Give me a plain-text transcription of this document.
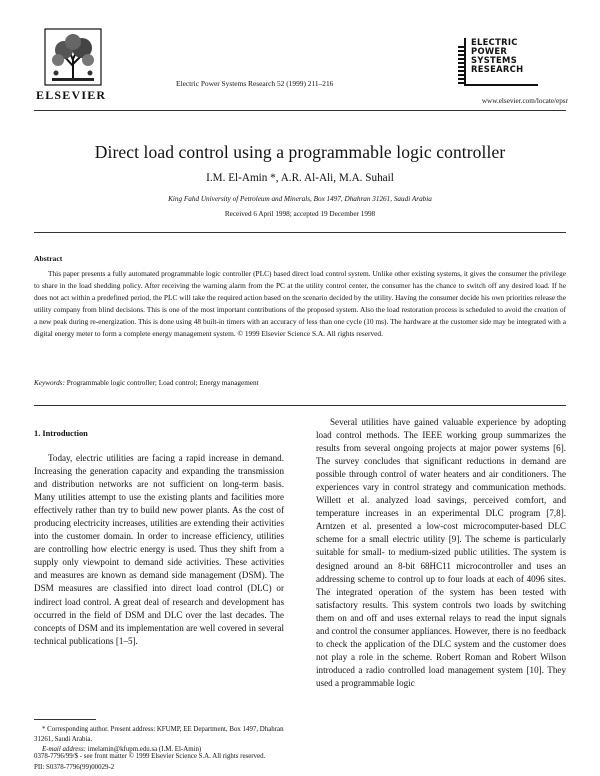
ELSEVIER
Electric Power Systems Research 52 (1999) 211–216
ELECTRIC
POWER
SYSTEMS
RESEARCH
www.elsevier.com/locate/epsr
Direct load control using a programmable logic controller
I.M. El-Amin *, A.R. Al-Ali, M.A. Suhail
King Fahd University of Petroleum and Minerals, Box 1497, Dhahran 31261, Saudi Arabia
Received 6 April 1998; accepted 19 December 1998
Abstract

This paper presents a fully automated programmable logic controller (PLC) based direct load control system. Unlike other existing systems, it gives the consumer the privilege to share in the load shedding policy. After receiving the warning alarm from the PC at the utility control center, the consumer has the chance to switch off any desired load. If he does not act within a predefined period, the PLC will take the required action based on the scenario decided by the utility. Having the consumer decide his own priorities release the utility company from blind decisions. This is one of the most important contributions of the proposed system. Also the load restoration process is scheduled to avoid the creation of a new peak during re-energization. This is done using 48 built-in timers with an accuracy of less than one cycle (10 ms). The hardware at the customer side may be integrated with a digital energy meter to form a complete energy management system. © 1999 Elsevier Science S.A. All rights reserved.

Keywords: Programmable logic controller; Load control; Energy management
1. Introduction

Today, electric utilities are facing a rapid increase in demand. Increasing the generation capacity and expanding the transmission and distribution networks are not sufficient on long-term basis. Many utilities attempt to use the existing plants and facilities more effectively rather than try to build new power plants. As the cost of producing electricity increases, utilities are extending their activities into the customer domain. In order to increase efficiency, utilities are controlling how electric energy is used. Thus they shift from a supply only viewpoint to demand side activities. These activities and measures are known as demand side management (DSM). The DSM measures are classified into direct load control (DLC) or indirect load control. A great deal of research and development has occurred in the field of DSM and DLC over the last decades. The concepts of DSM and its implementation are well covered in several technical publications [1–5].

Several utilities have gained valuable experience by adopting load control methods. The IEEE working group summarizes the results from several ongoing projects at major power systems [6]. The survey concludes that significant reductions in demand are possible through control of water heaters and air conditioners. The experiences vary in control strategy and communication methods. Willett et al. analyzed load savings, perceived comfort, and temperature increases in an experimental DLC program [7,8]. Arntzen et al. presented a low-cost microcomputer-based DLC scheme for a small electric utility [9]. The scheme is particularly suitable for small- to medium-sized public utilities. The system is designed around an 8-bit 68HC11 microcontroller and uses an addressing scheme to control up to four loads at each of 4096 sites. The integrated operation of the system has been tested with satisfactory results. This system controls two loads by switching them on and off and uses external relays to read the input signals and control the consumer appliances. However, there is no feedback to check the application of the DLC system and the customer does not play a role in the scheme. Robert Roman and Robert Wilson introduced a radio controlled load management system [10]. They used a programmable logic

* Corresponding author. Present address: KFUMP, EE Department, Box 1497, Dhahran 31261, Saudi Arabia.
E-mail address: imelamin@kfupm.edu.sa (I.M. El-Amin)
0378-7796/99/$ - see front matter © 1999 Elsevier Science S.A. All rights reserved.
PII: S0378-7796(99)00029-2
